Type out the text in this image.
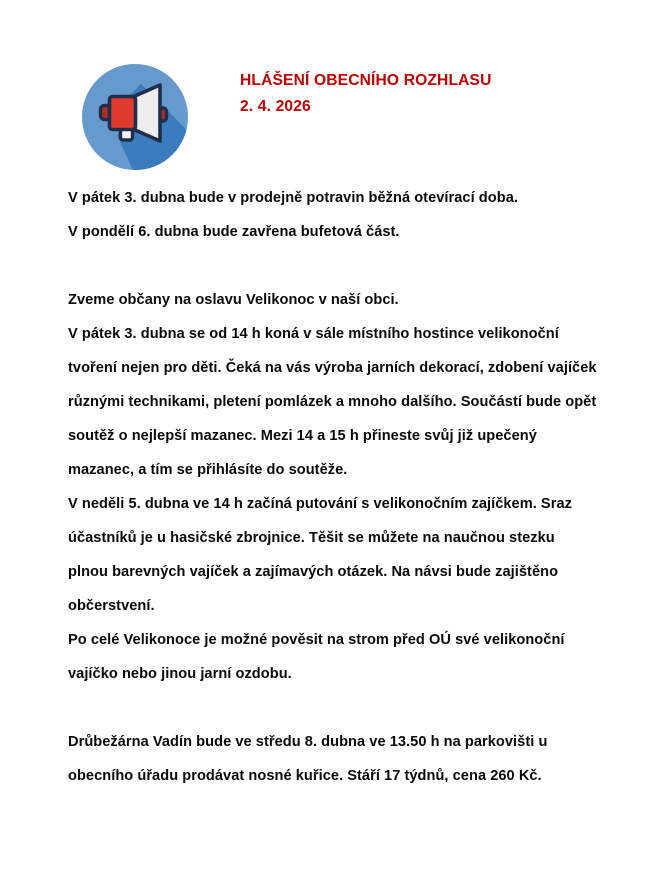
HLÁŠENÍ OBECNÍHO ROZHLASU
2. 4. 2026

V pátek 3. dubna bude v prodejně potravin běžná otevírací doba.

V pondělí 6. dubna bude zavřena bufetová část.

Zveme občany na oslavu Velikonoc v naší obci.

V pátek 3. dubna se od 14 h koná v sále místního hostince velikonoční tvoření nejen pro děti. Čeká na vás výroba jarních dekorací, zdobení vajíček různými technikami, pletení pomlázek a mnoho dalšího. Součástí bude opět soutěž o nejlepší mazanec. Mezi 14 a 15 h přineste svůj již upečený mazanec, a tím se přihlásíte do soutěže.

V neděli 5. dubna ve 14 h začíná putování s velikonočním zajíčkem. Sraz účastníků je u hasičské zbrojnice. Těšit se můžete na naučnou stezku plnou barevných vajíček a zajímavých otázek. Na návsi bude zajištěno občerstvení.

Po celé Velikonoce je možné pověsit na strom před OÚ své velikonoční vajíčko nebo jinou jarní ozdobu.

Drůbežárna Vadín bude ve středu 8. dubna ve 13.50 h na parkovišti u obecního úřadu prodávat nosné kuřice. Stáří 17 týdnů, cena 260 Kč.
